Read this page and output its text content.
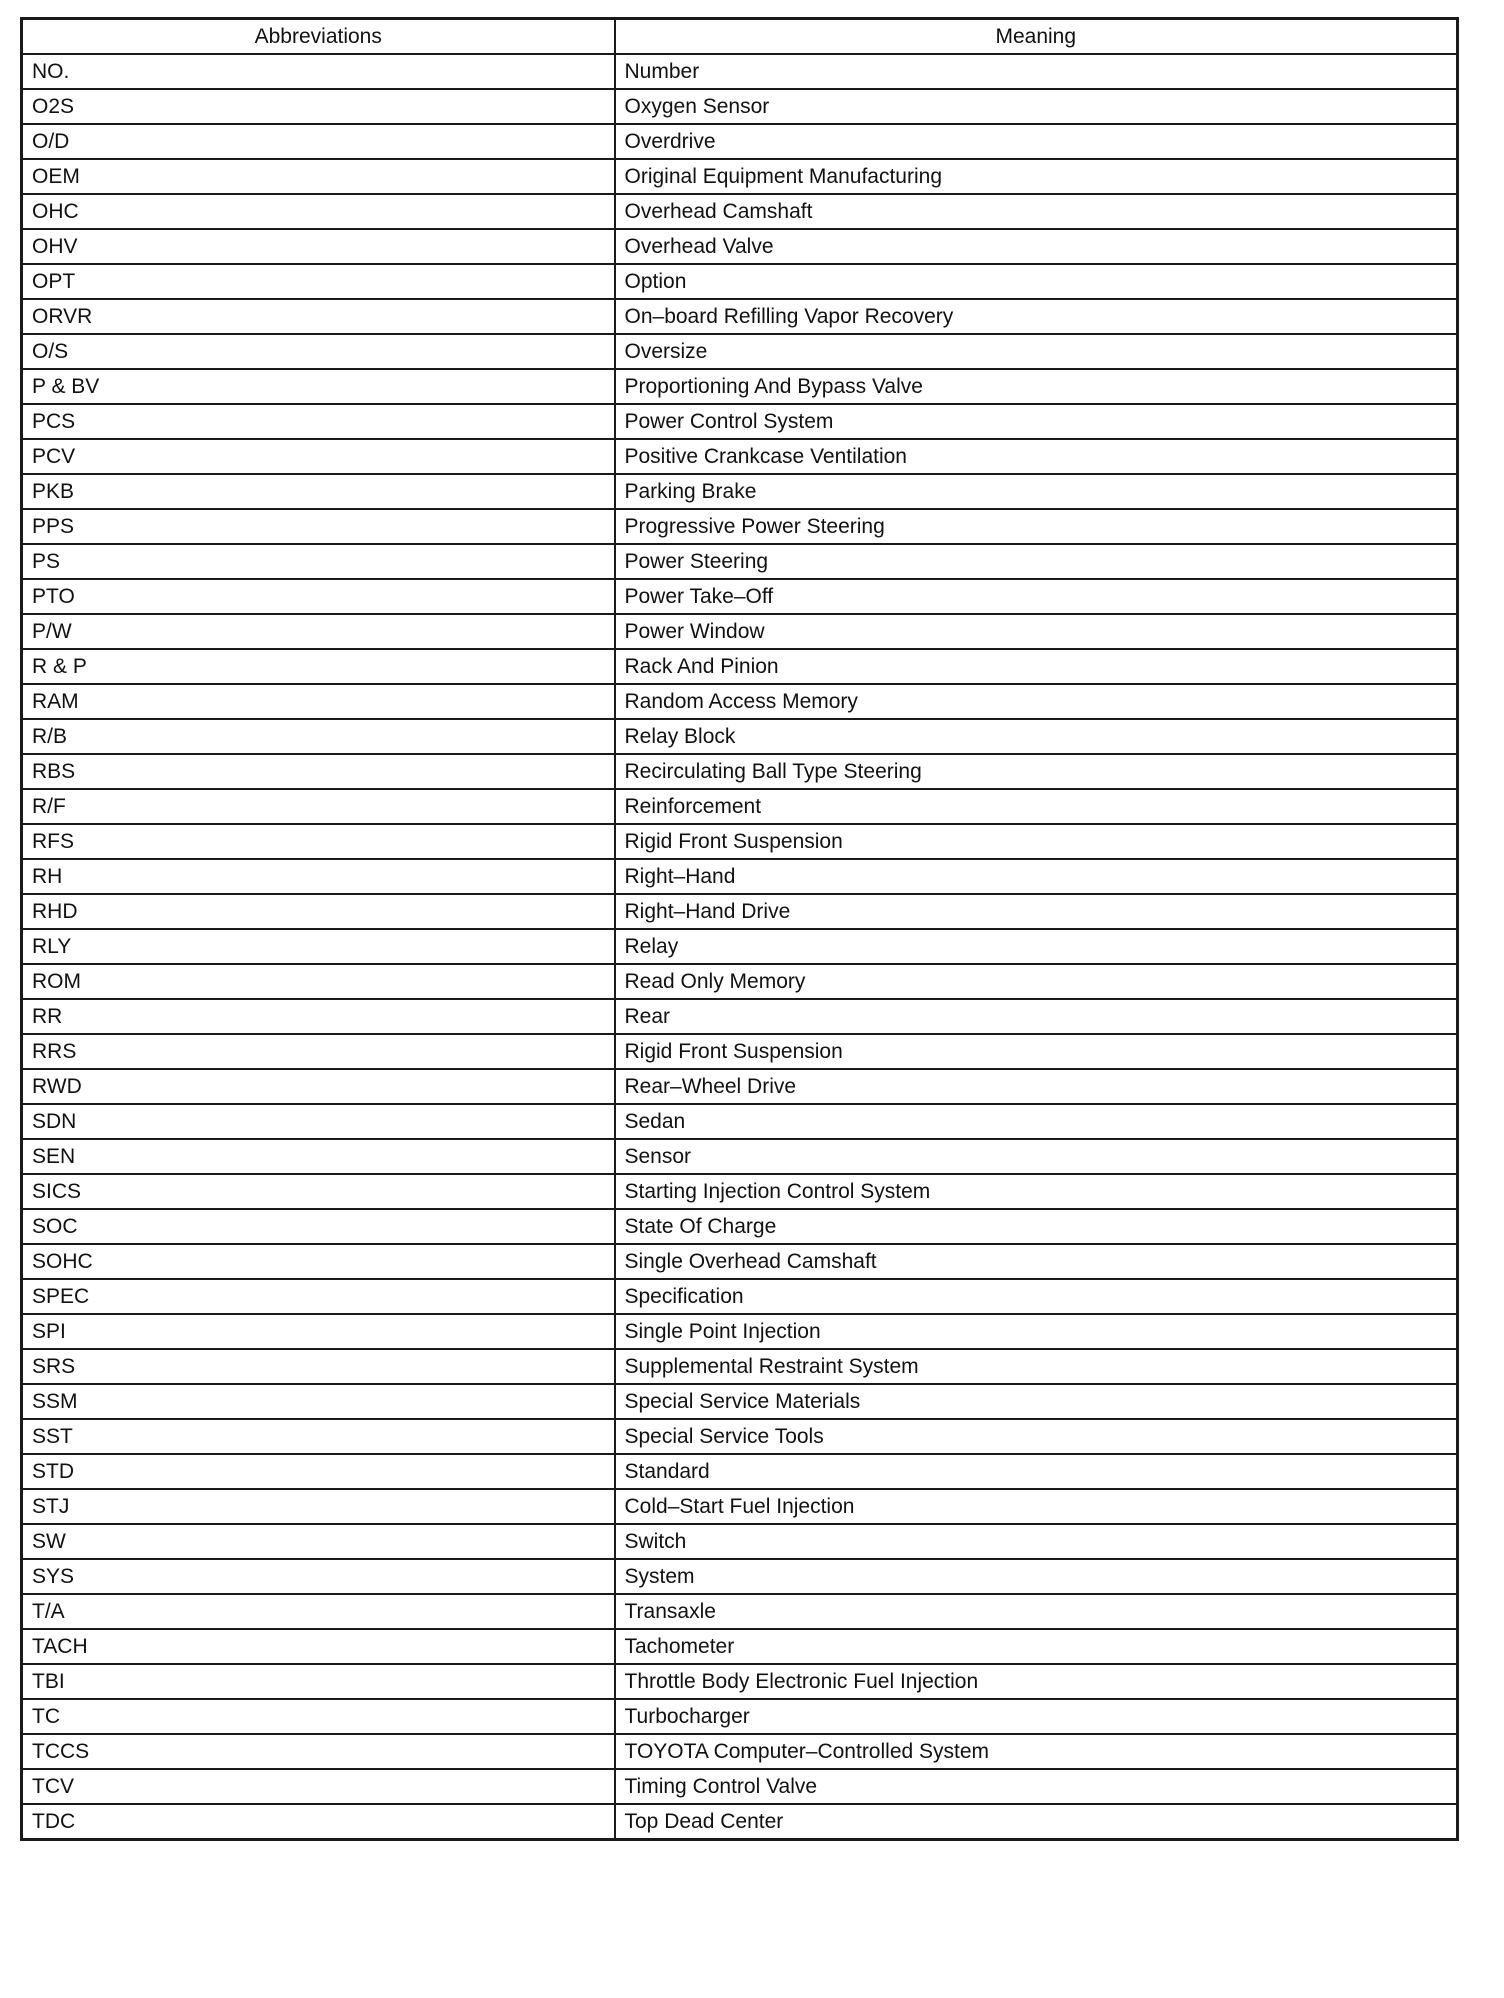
Abbreviations	Meaning
NO.	Number
O2S	Oxygen Sensor
O/D	Overdrive
OEM	Original Equipment Manufacturing
OHC	Overhead Camshaft
OHV	Overhead Valve
OPT	Option
ORVR	On–board Refilling Vapor Recovery
O/S	Oversize
P & BV	Proportioning And Bypass Valve
PCS	Power Control System
PCV	Positive Crankcase Ventilation
PKB	Parking Brake
PPS	Progressive Power Steering
PS	Power Steering
PTO	Power Take–Off
P/W	Power Window
R & P	Rack And Pinion
RAM	Random Access Memory
R/B	Relay Block
RBS	Recirculating Ball Type Steering
R/F	Reinforcement
RFS	Rigid Front Suspension
RH	Right–Hand
RHD	Right–Hand Drive
RLY	Relay
ROM	Read Only Memory
RR	Rear
RRS	Rigid Front Suspension
RWD	Rear–Wheel Drive
SDN	Sedan
SEN	Sensor
SICS	Starting Injection Control System
SOC	State Of Charge
SOHC	Single Overhead Camshaft
SPEC	Specification
SPI	Single Point Injection
SRS	Supplemental Restraint System
SSM	Special Service Materials
SST	Special Service Tools
STD	Standard
STJ	Cold–Start Fuel Injection
SW	Switch
SYS	System
T/A	Transaxle
TACH	Tachometer
TBI	Throttle Body Electronic Fuel Injection
TC	Turbocharger
TCCS	TOYOTA Computer–Controlled System
TCV	Timing Control Valve
TDC	Top Dead Center
